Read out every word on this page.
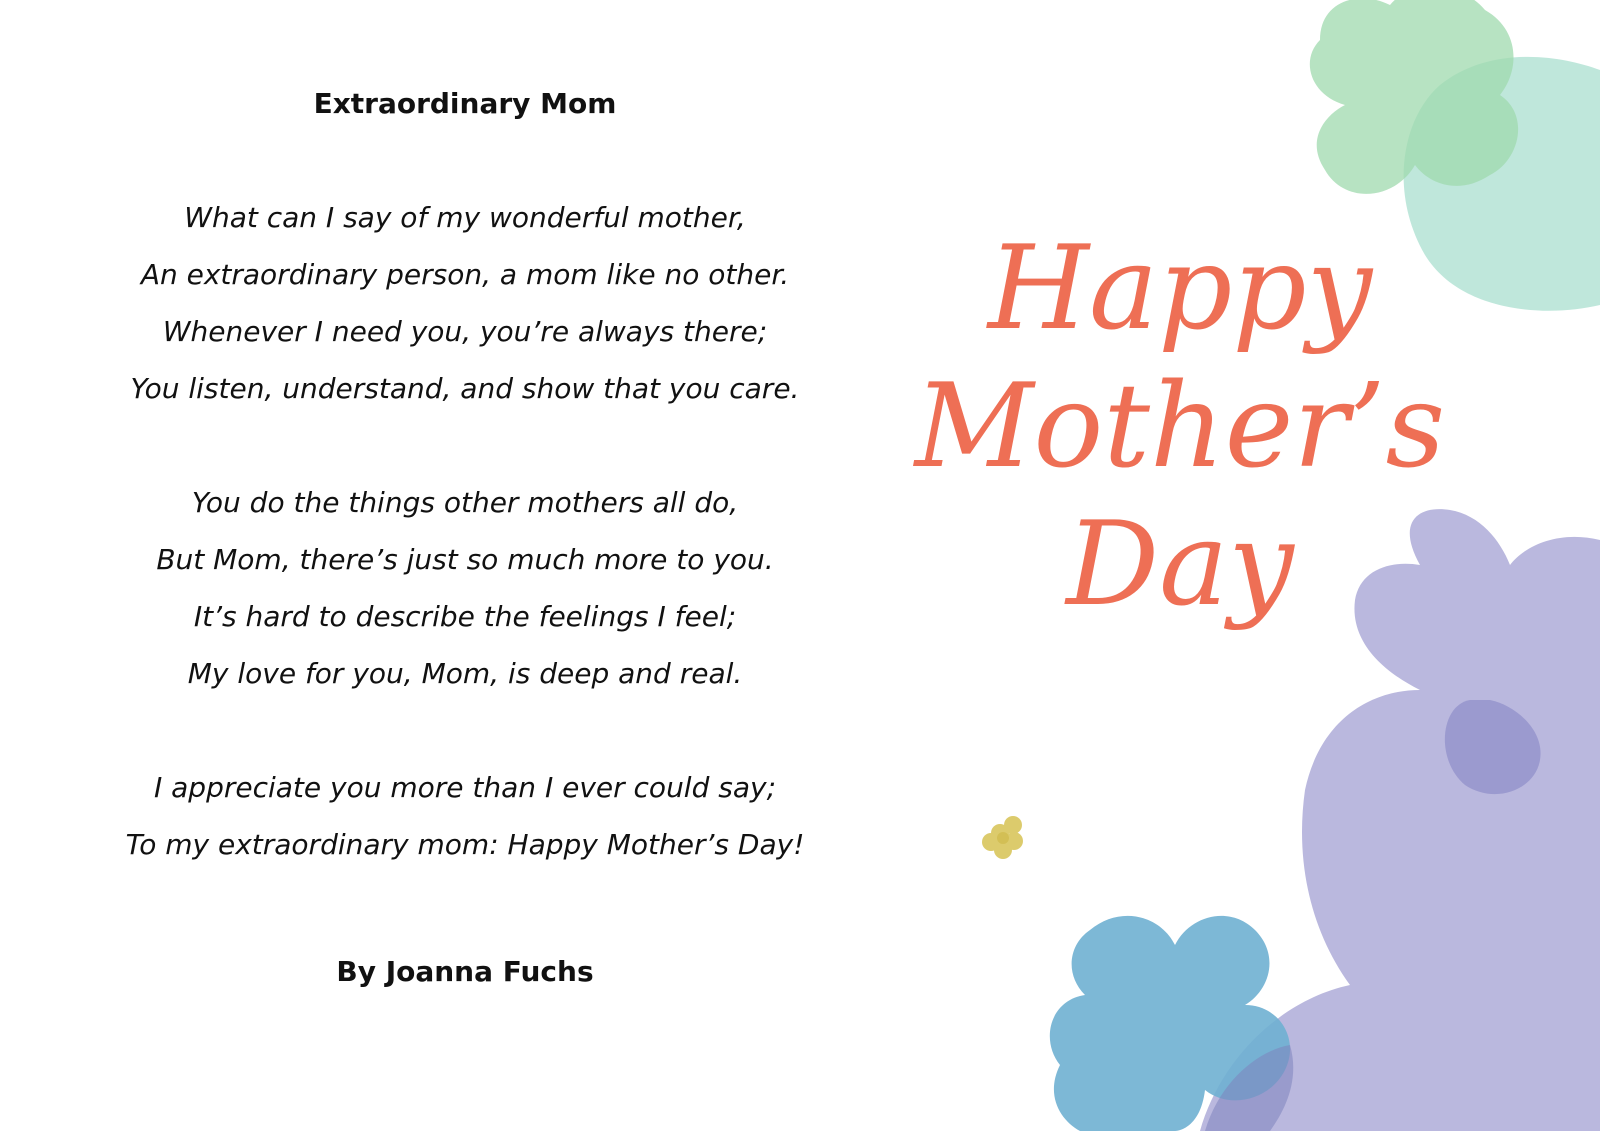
Extraordinary Mom
What can I say of my wonderful mother,
An extraordinary person, a mom like no other.
Whenever I need you, you’re always there;
You listen, understand, and show that you care.
You do the things other mothers all do,
But Mom, there’s just so much more to you.
It’s hard to describe the feelings I feel;
My love for you, Mom, is deep and real.
I appreciate you more than I ever could say;
To my extraordinary mom: Happy Mother’s Day!
By Joanna Fuchs
Happy
Mother’s
Day
